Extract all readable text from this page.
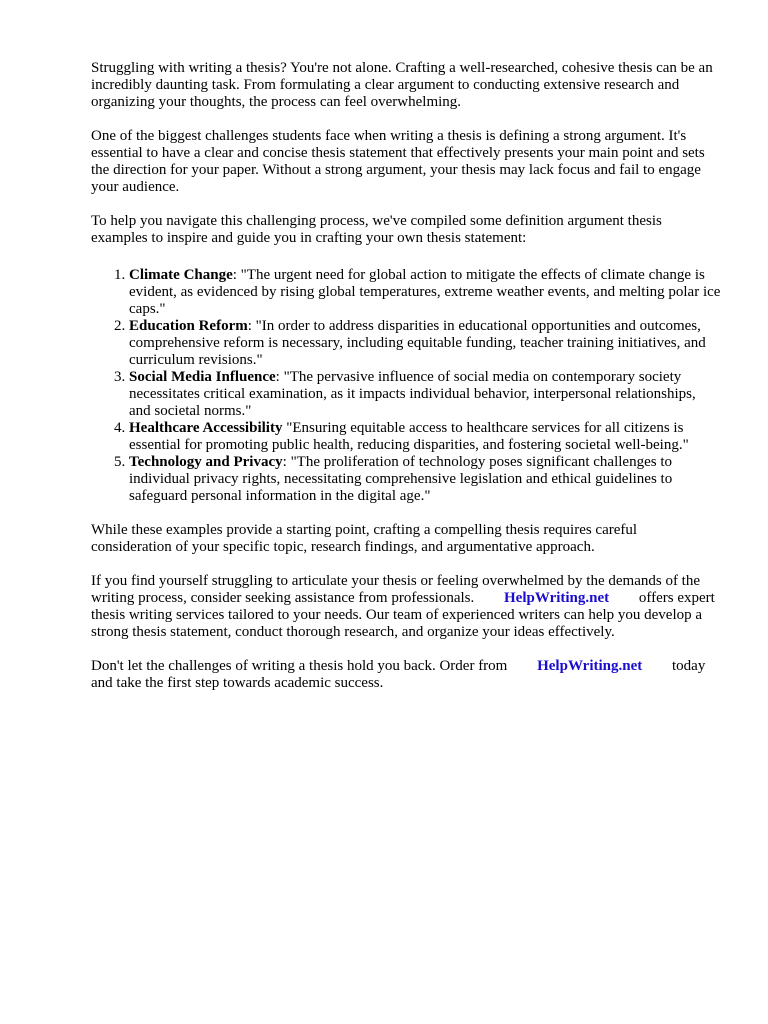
Struggling with writing a thesis? You're not alone. Crafting a well-researched, cohesive thesis can be an incredibly daunting task. From formulating a clear argument to conducting extensive research and organizing your thoughts, the process can feel overwhelming.

One of the biggest challenges students face when writing a thesis is defining a strong argument. It's essential to have a clear and concise thesis statement that effectively presents your main point and sets the direction for your paper. Without a strong argument, your thesis may lack focus and fail to engage your audience.

To help you navigate this challenging process, we've compiled some definition argument thesis examples to inspire and guide you in crafting your own thesis statement:

1. Climate Change: "The urgent need for global action to mitigate the effects of climate change is evident, as evidenced by rising global temperatures, extreme weather events, and melting polar ice caps."
2. Education Reform: "In order to address disparities in educational opportunities and outcomes, comprehensive reform is necessary, including equitable funding, teacher training initiatives, and curriculum revisions."
3. Social Media Influence: "The pervasive influence of social media on contemporary society necessitates critical examination, as it impacts individual behavior, interpersonal relationships, and societal norms."
4. Healthcare Accessibility "Ensuring equitable access to healthcare services for all citizens is essential for promoting public health, reducing disparities, and fostering societal well-being."
5. Technology and Privacy: "The proliferation of technology poses significant challenges to individual privacy rights, necessitating comprehensive legislation and ethical guidelines to safeguard personal information in the digital age."

While these examples provide a starting point, crafting a compelling thesis requires careful consideration of your specific topic, research findings, and argumentative approach.

If you find yourself struggling to articulate your thesis or feeling overwhelmed by the demands of the writing process, consider seeking assistance from professionals. HelpWriting.net offers expert thesis writing services tailored to your needs. Our team of experienced writers can help you develop a strong thesis statement, conduct thorough research, and organize your ideas effectively.

Don't let the challenges of writing a thesis hold you back. Order from HelpWriting.net today and take the first step towards academic success.
